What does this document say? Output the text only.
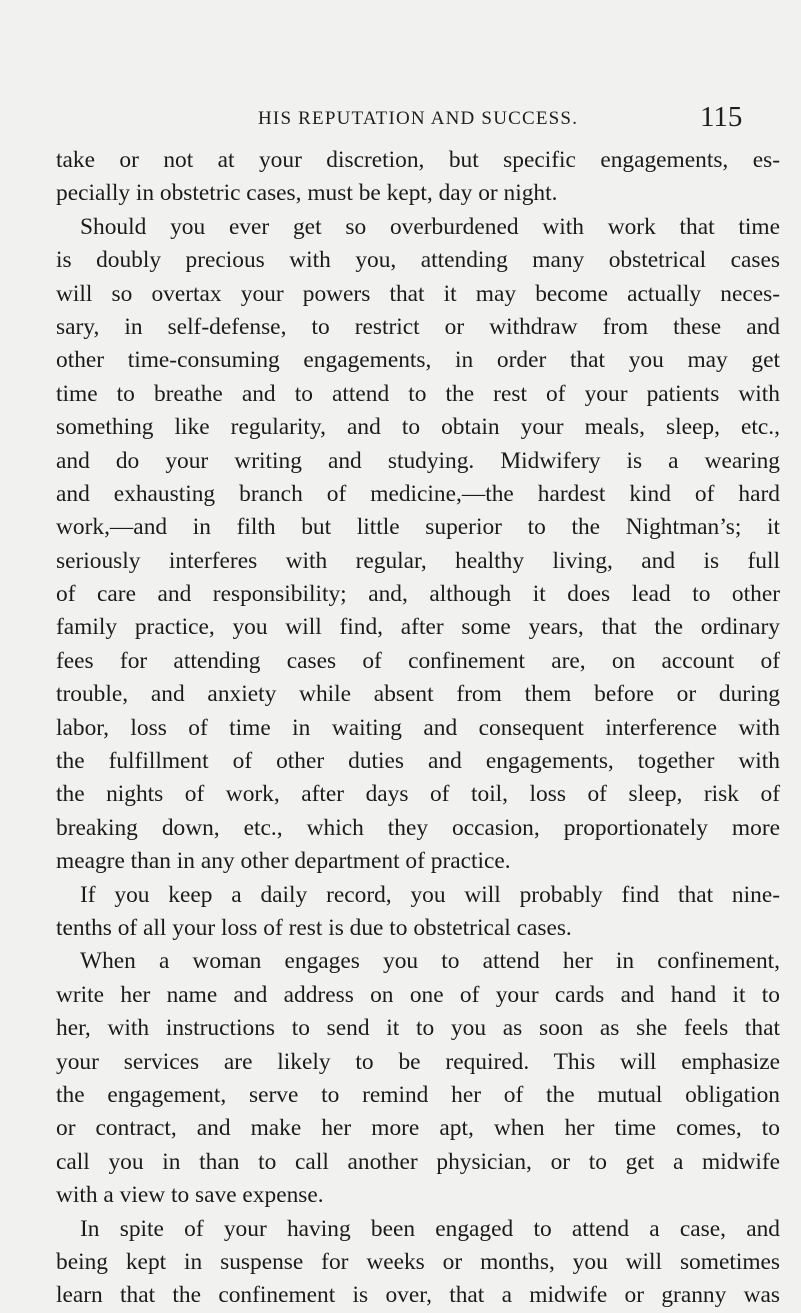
HIS REPUTATION AND SUCCESS.	115
take or not at your discretion, but specific engagements, es-
pecially in obstetric cases, must be kept, day or night.
Should you ever get so overburdened with work that time
is doubly precious with you, attending many obstetrical cases
will so overtax your powers that it may become actually neces-
sary, in self-defense, to restrict or withdraw from these and
other time-consuming engagements, in order that you may get
time to breathe and to attend to the rest of your patients with
something like regularity, and to obtain your meals, sleep, etc.,
and do your writing and studying. Midwifery is a wearing
and exhausting branch of medicine,—the hardest kind of hard
work,—and in filth but little superior to the Nightman’s; it
seriously interferes with regular, healthy living, and is full
of care and responsibility; and, although it does lead to other
family practice, you will find, after some years, that the ordinary
fees for attending cases of confinement are, on account of
trouble, and anxiety while absent from them before or during
labor, loss of time in waiting and consequent interference with
the fulfillment of other duties and engagements, together with
the nights of work, after days of toil, loss of sleep, risk of
breaking down, etc., which they occasion, proportionately more
meagre than in any other department of practice.
If you keep a daily record, you will probably find that nine-
tenths of all your loss of rest is due to obstetrical cases.
When a woman engages you to attend her in confinement,
write her name and address on one of your cards and hand it to
her, with instructions to send it to you as soon as she feels that
your services are likely to be required. This will emphasize
the engagement, serve to remind her of the mutual obligation
or contract, and make her more apt, when her time comes, to
call you in than to call another physician, or to get a midwife
with a view to save expense.
In spite of your having been engaged to attend a case, and
being kept in suspense for weeks or months, you will sometimes
learn that the confinement is over, that a midwife or granny was
